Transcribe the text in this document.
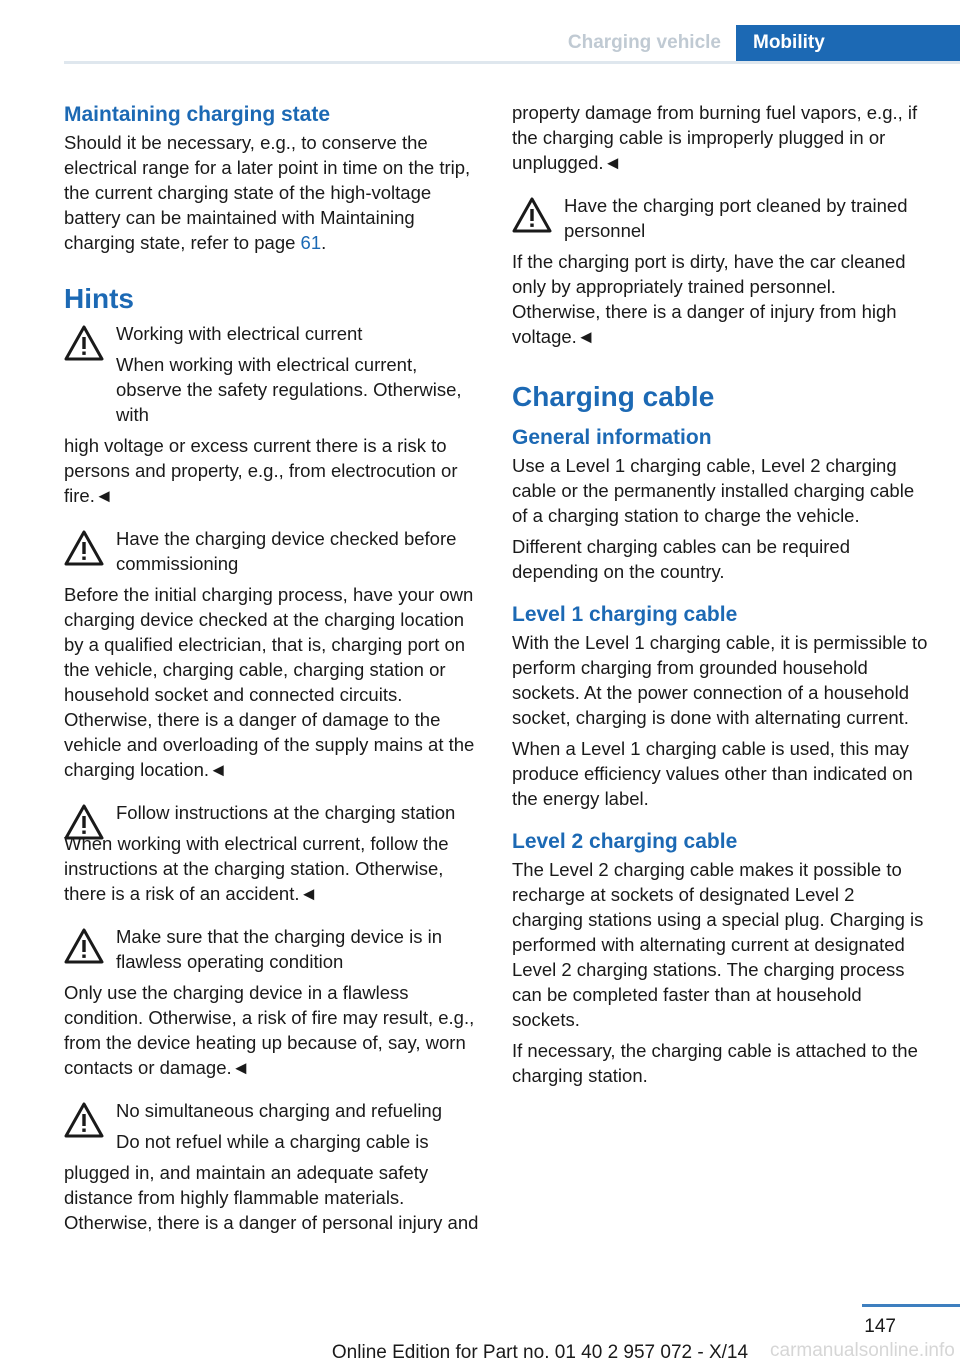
Charging vehicle	Mobility
Maintaining charging state

Should it be necessary, e.g., to conserve the electrical range for a later point in time on the trip, the current charging state of the high-voltage battery can be maintained with Maintaining charging state, refer to page 61.

Hints

Working with electrical current

When working with electrical current, observe the safety regulations. Otherwise, with

high voltage or excess current there is a risk to persons and property, e.g., from electrocution or fire.◄

Have the charging device checked before commissioning

Before the initial charging process, have your own charging device checked at the charging location by a qualified electrician, that is, charging port on the vehicle, charging cable, charging station or household socket and connected circuits. Otherwise, there is a danger of damage to the vehicle and overloading of the supply mains at the charging location.◄

Follow instructions at the charging station

When working with electrical current, follow the instructions at the charging station. Otherwise, there is a risk of an accident.◄

Make sure that the charging device is in flawless operating condition

Only use the charging device in a flawless condition. Otherwise, a risk of fire may result, e.g., from the device heating up because of, say, worn contacts or damage.◄

No simultaneous charging and refueling

Do not refuel while a charging cable is

plugged in, and maintain an adequate safety distance from highly flammable materials. Otherwise, there is a danger of personal injury and

property damage from burning fuel vapors, e.g., if the charging cable is improperly plugged in or unplugged.◄

Have the charging port cleaned by trained personnel

If the charging port is dirty, have the car cleaned only by appropriately trained personnel. Otherwise, there is a danger of injury from high voltage.◄

Charging cable
General information

Use a Level 1 charging cable, Level 2 charging cable or the permanently installed charging cable of a charging station to charge the vehicle.

Different charging cables can be required depending on the country.

Level 1 charging cable

With the Level 1 charging cable, it is permissible to perform charging from grounded household sockets. At the power connection of a household socket, charging is done with alternating current.

When a Level 1 charging cable is used, this may produce efficiency values other than indicated on the energy label.

Level 2 charging cable

The Level 2 charging cable makes it possible to recharge at sockets of designated Level 2 charging stations using a special plug. Charging is performed with alternating current at designated Level 2 charging stations. The charging process can be completed faster than at household sockets.

If necessary, the charging cable is attached to the charging station.

147
carmanualsonline.info
Online Edition for Part no. 01 40 2 957 072 - X/14
